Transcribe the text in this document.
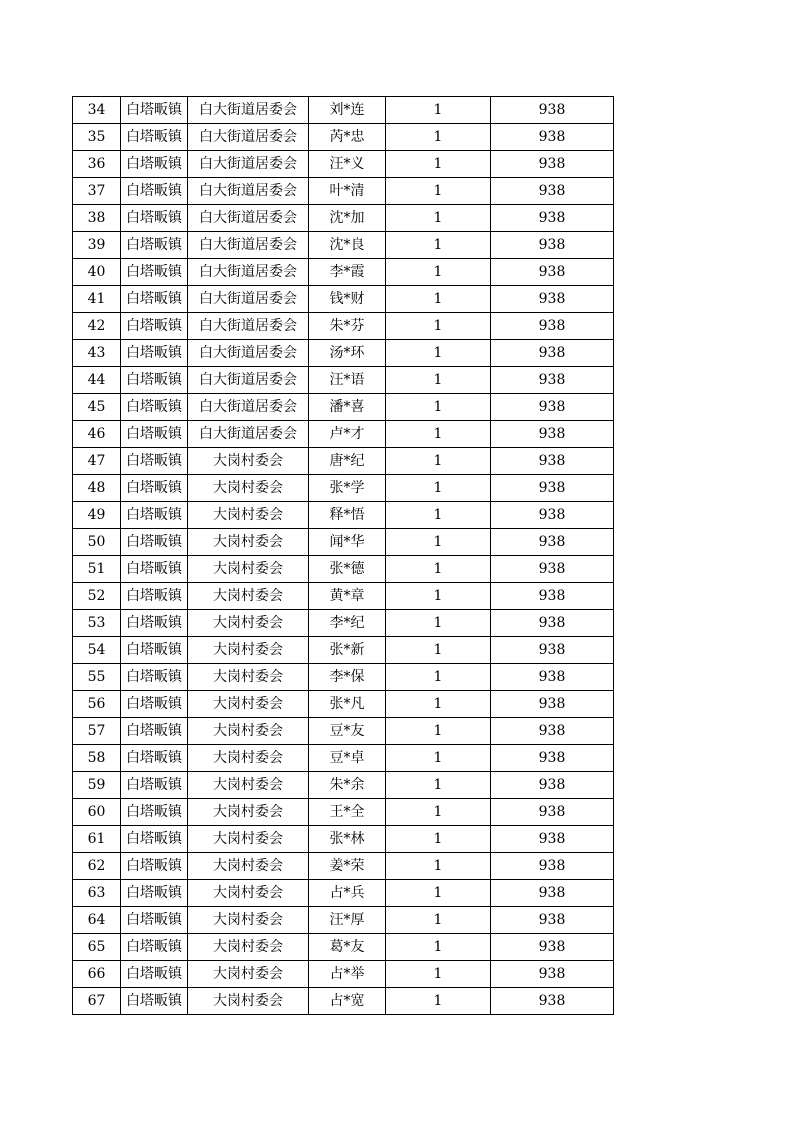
34	白塔畈镇	白大街道居委会	刘*连	1	938
35	白塔畈镇	白大街道居委会	芮*忠	1	938
36	白塔畈镇	白大街道居委会	汪*义	1	938
37	白塔畈镇	白大街道居委会	叶*清	1	938
38	白塔畈镇	白大街道居委会	沈*加	1	938
39	白塔畈镇	白大街道居委会	沈*良	1	938
40	白塔畈镇	白大街道居委会	李*霞	1	938
41	白塔畈镇	白大街道居委会	钱*财	1	938
42	白塔畈镇	白大街道居委会	朱*芬	1	938
43	白塔畈镇	白大街道居委会	汤*环	1	938
44	白塔畈镇	白大街道居委会	汪*语	1	938
45	白塔畈镇	白大街道居委会	潘*喜	1	938
46	白塔畈镇	白大街道居委会	卢*才	1	938
47	白塔畈镇	大岗村委会	唐*纪	1	938
48	白塔畈镇	大岗村委会	张*学	1	938
49	白塔畈镇	大岗村委会	释*悟	1	938
50	白塔畈镇	大岗村委会	闻*华	1	938
51	白塔畈镇	大岗村委会	张*德	1	938
52	白塔畈镇	大岗村委会	黄*章	1	938
53	白塔畈镇	大岗村委会	李*纪	1	938
54	白塔畈镇	大岗村委会	张*新	1	938
55	白塔畈镇	大岗村委会	李*保	1	938
56	白塔畈镇	大岗村委会	张*凡	1	938
57	白塔畈镇	大岗村委会	豆*友	1	938
58	白塔畈镇	大岗村委会	豆*卓	1	938
59	白塔畈镇	大岗村委会	朱*余	1	938
60	白塔畈镇	大岗村委会	王*全	1	938
61	白塔畈镇	大岗村委会	张*林	1	938
62	白塔畈镇	大岗村委会	姜*荣	1	938
63	白塔畈镇	大岗村委会	占*兵	1	938
64	白塔畈镇	大岗村委会	汪*厚	1	938
65	白塔畈镇	大岗村委会	葛*友	1	938
66	白塔畈镇	大岗村委会	占*举	1	938
67	白塔畈镇	大岗村委会	占*宽	1	938
